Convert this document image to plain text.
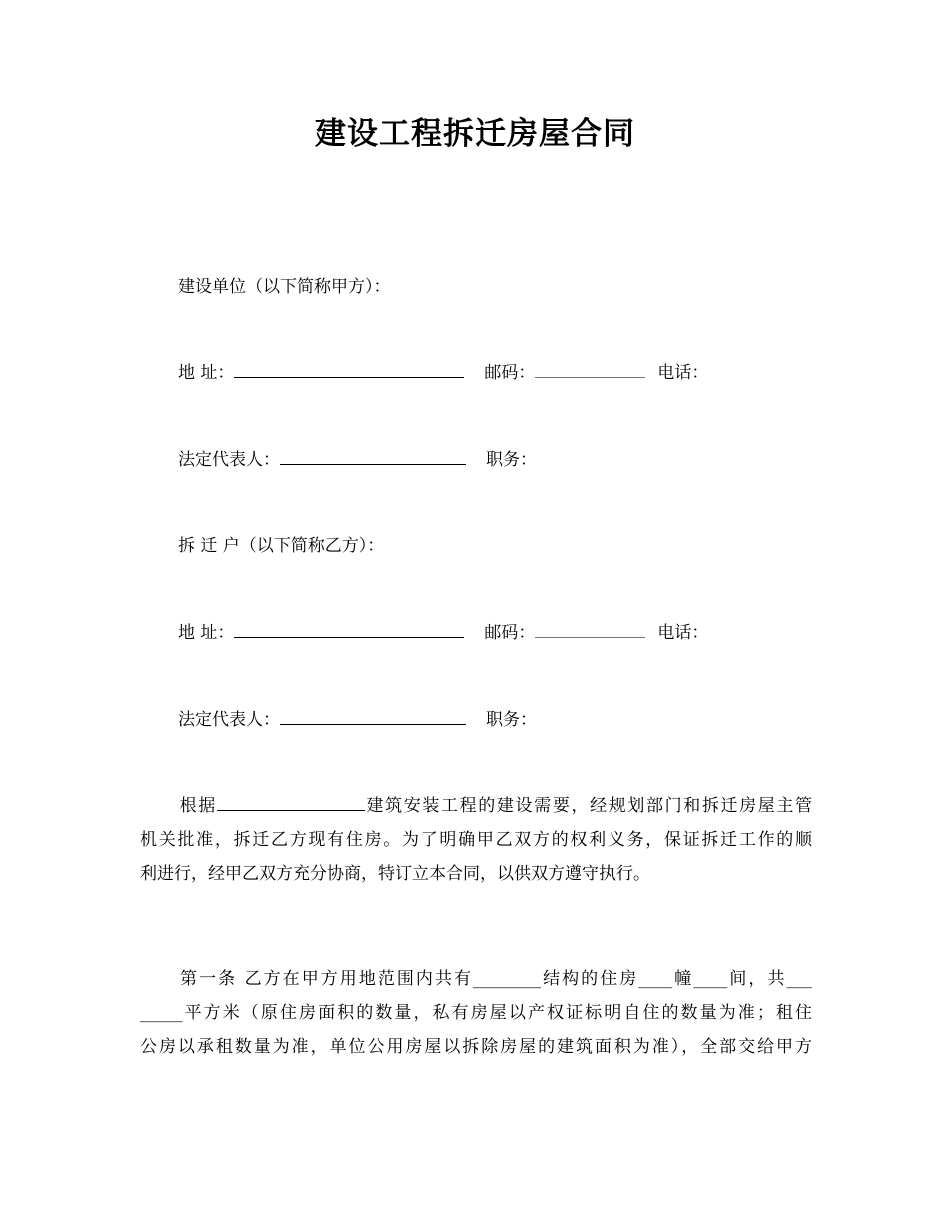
建设工程拆迁房屋合同
建设单位（以下简称甲方）：
地 址：	邮码：	电话：
法定代表人：	职务：
拆 迁 户（以下简称乙方）：
地 址：	邮码：	电话：
法定代表人：	职务：
根据	建筑安装工程的建设需要，经规划部门和拆迁房屋主管
机关批准，拆迁乙方现有住房。为了明确甲乙双方的权利义务，保证拆迁工作的顺
利进行，经甲乙双方充分协商，特订立本合同，以供双方遵守执行。
第一条 乙方在甲方用地范围内共有________结构的住房____幢____间，共___
_____平方米（原住房面积的数量，私有房屋以产权证标明自住的数量为准；租住
公房以承租数量为准，单位公用房屋以拆除房屋的建筑面积为准），全部交给甲方
